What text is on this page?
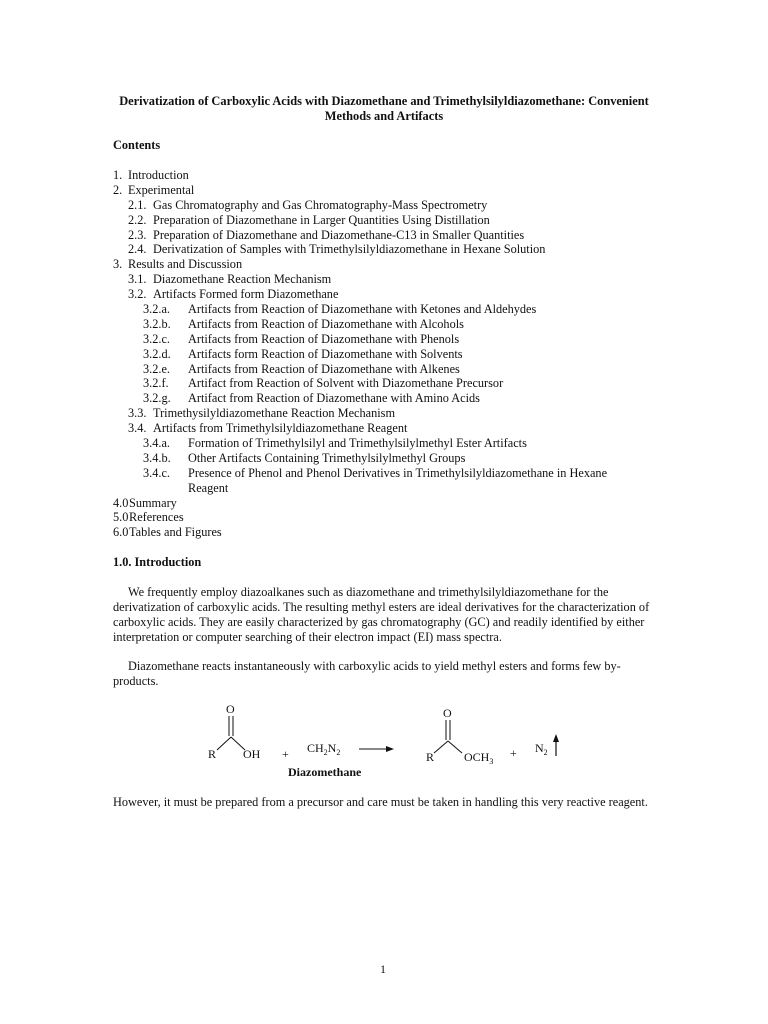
Derivatization of Carboxylic Acids with Diazomethane and Trimethylsilyldiazomethane: Convenient Methods and Artifacts
Contents
1. Introduction
2. Experimental
2.1. Gas Chromatography and Gas Chromatography-Mass Spectrometry
2.2. Preparation of Diazomethane in Larger Quantities Using Distillation
2.3. Preparation of Diazomethane and Diazomethane-C13 in Smaller Quantities
2.4. Derivatization of Samples with Trimethylsilyldiazomethane in Hexane Solution
3. Results and Discussion
3.1. Diazomethane Reaction Mechanism
3.2. Artifacts Formed form Diazomethane
3.2.a. Artifacts from Reaction of Diazomethane with Ketones and Aldehydes
3.2.b. Artifacts from Reaction of Diazomethane with Alcohols
3.2.c. Artifacts from Reaction of Diazomethane with Phenols
3.2.d. Artifacts form Reaction of Diazomethane with Solvents
3.2.e. Artifacts from Reaction of Diazomethane with Alkenes
3.2.f. Artifact from Reaction of Solvent with Diazomethane Precursor
3.2.g. Artifact from Reaction of Diazomethane with Amino Acids
3.3. Trimethysilyldiazomethane Reaction Mechanism
3.4. Artifacts from Trimethylsilyldiazomethane Reagent
3.4.a. Formation of Trimethylsilyl and Trimethylsilylmethyl Ester Artifacts
3.4.b. Other Artifacts Containing Trimethylsilylmethyl Groups
3.4.c. Presence of Phenol and Phenol Derivatives in Trimethylsilyldiazomethane in Hexane
Reagent
4.0 Summary
5.0 References
6.0 Tables and Figures
1.0. Introduction

We frequently employ diazoalkanes such as diazomethane and trimethylsilyldiazomethane for the derivatization of carboxylic acids. The resulting methyl esters are ideal derivatives for the characterization of carboxylic acids. They are easily characterized by gas chromatography (GC) and readily identified by either interpretation or computer searching of their electron impact (EI) mass spectra.

Diazomethane reacts instantaneously with carboxylic acids to yield methyl esters and forms few by-products.

O
R OH + $CH_2N_2$
Diazomethane
O
R $OCH_3$
+ $N_2$

However, it must be prepared from a precursor and care must be taken in handling this very reactive reagent.

1
